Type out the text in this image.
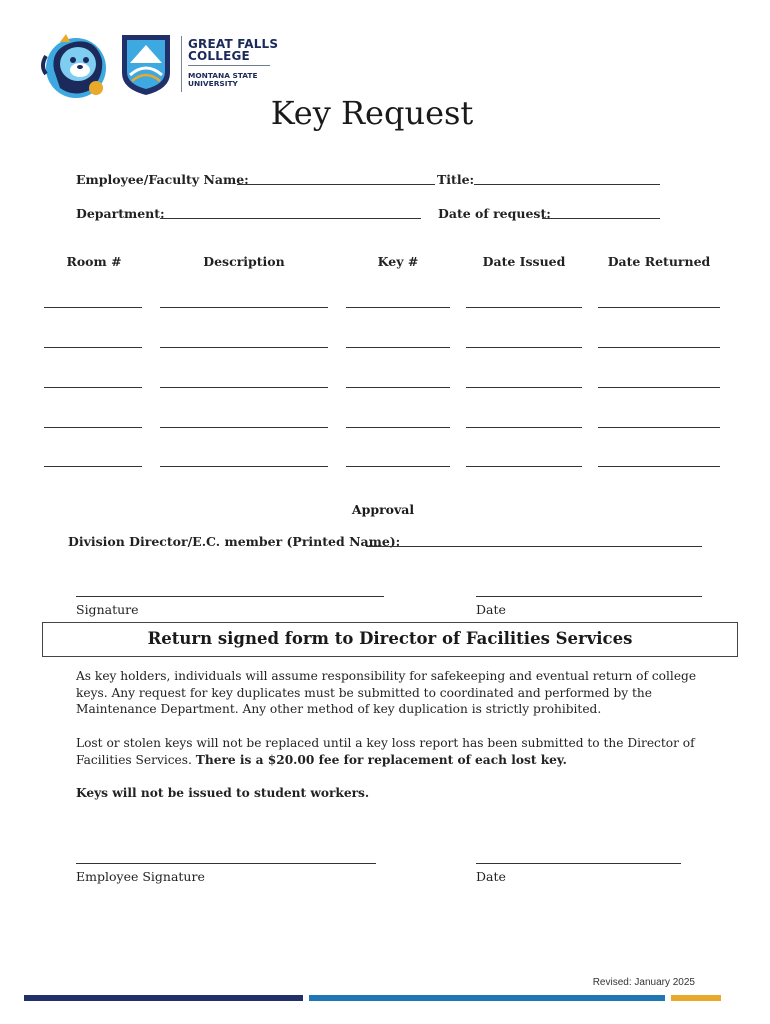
GREAT FALLS
COLLEGE
MONTANA STATE
UNIVERSITY
Key Request
Employee/Faculty Name:	Title:
Department:	Date of request:
Room #	Description	Key #	Date Issued	Date Returned
Approval
Division Director/E.C. member (Printed Name):
Signature	Date
Return signed form to Director of Facilities Services
As key holders, individuals will assume responsibility for safekeeping and eventual return of college keys. Any request for key duplicates must be submitted to coordinated and performed by the Maintenance Department. Any other method of key duplication is strictly prohibited.
Lost or stolen keys will not be replaced until a key loss report has been submitted to the Director of Facilities Services. There is a $20.00 fee for replacement of each lost key.
Keys will not be issued to student workers.
Employee Signature	Date
Revised: January 2025
